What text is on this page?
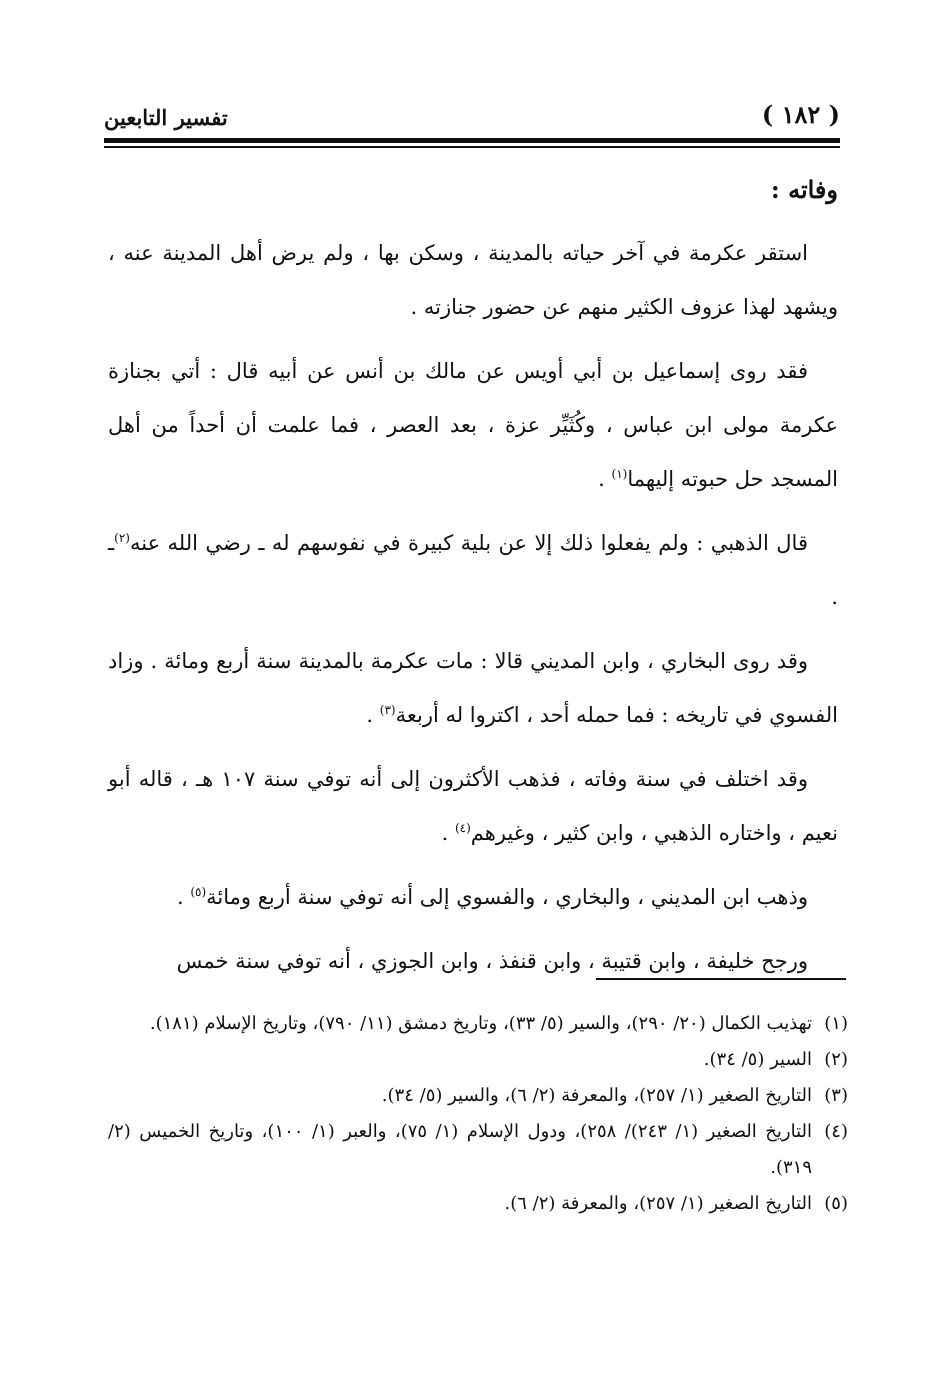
( ١٨٢ )
تفسير التابعين
وفاته :

استقر عكرمة في آخر حياته بالمدينة ، وسكن بها ، ولم يرض أهل المدينة عنه ، ويشهد لهذا عزوف الكثير منهم عن حضور جنازته .

فقد روى إسماعيل بن أبي أويس عن مالك بن أنس عن أبيه قال : أتي بجنازة عكرمة مولى ابن عباس ، وكُثَيِّر عزة ، بعد العصر ، فما علمت أن أحداً من أهل المسجد حل حبوته إليهما$^{(١)}$ .

قال الذهبي : ولم يفعلوا ذلك إلا عن بلية كبيرة في نفوسهم له ـ رضي الله عنه$^{(٢)}$ـ .

وقد روى البخاري ، وابن المديني قالا : مات عكرمة بالمدينة سنة أربع ومائة . وزاد الفسوي في تاريخه : فما حمله أحد ، اكتروا له أربعة$^{(٣)}$ .

وقد اختلف في سنة وفاته ، فذهب الأكثرون إلى أنه توفي سنة ١٠٧ هـ ، قاله أبو نعيم ، واختاره الذهبي ، وابن كثير ، وغيرهم$^{(٤)}$ .

وذهب ابن المديني ، والبخاري ، والفسوي إلى أنه توفي سنة أربع ومائة$^{(٥)}$ .

ورجح خليفة ، وابن قتيبة ، وابن قنفذ ، وابن الجوزي ، أنه توفي سنة خمس

(١)
تهذيب الكمال (٢٠/ ٢٩٠)، والسير (٥/ ٣٣)، وتاريخ دمشق (١١/ ٧٩٠)، وتاريخ الإسلام (١٨١).

(٢)
السير (٥/ ٣٤).

(٣)
التاريخ الصغير (١/ ٢٥٧)، والمعرفة (٢/ ٦)، والسير (٥/ ٣٤).

(٤)
التاريخ الصغير (١/ ٢٤٣)/ ٢٥٨)، ودول الإسلام (١/ ٧٥)، والعبر (١/ ١٠٠)، وتاريخ الخميس (٢/ ٣١٩).

(٥)
التاريخ الصغير (١/ ٢٥٧)، والمعرفة (٢/ ٦).
